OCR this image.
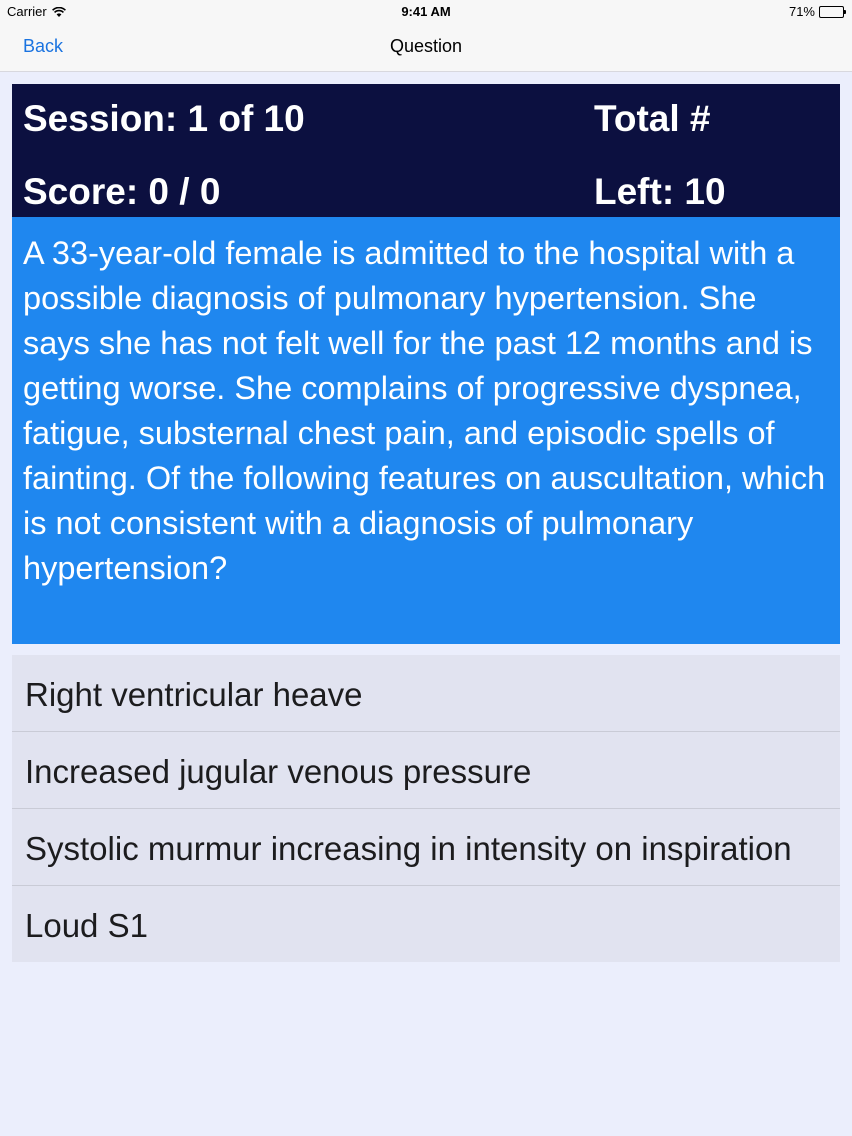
Carrier	9:41 AM	71%
Back	Question
Session: 1 of 10	Total #
Score: 0 / 0	Left: 10
A 33-year-old female is admitted to the hospital with a possible diagnosis of pulmonary hypertension. She says she has not felt well for the past 12 months and is getting worse. She complains of progressive dyspnea, fatigue, substernal chest pain, and episodic spells of fainting. Of the following features on auscultation, which is not consistent with a diagnosis of pulmonary hypertension?
Right ventricular heave
Increased jugular venous pressure
Systolic murmur increasing in intensity on inspiration
Loud S1
